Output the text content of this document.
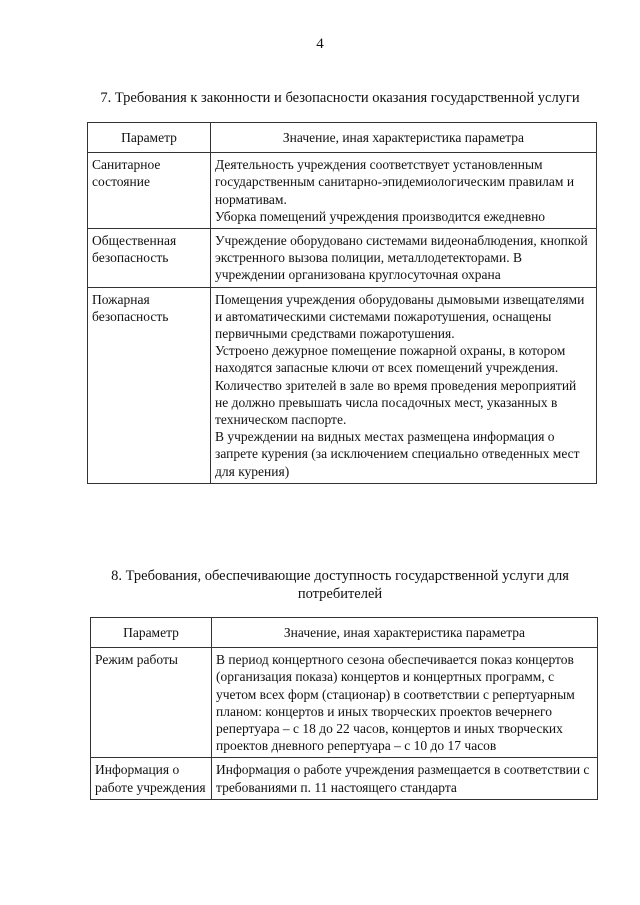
4
7. Требования к законности и безопасности оказания государственной услуги
Параметр	Значение, иная характеристика параметра

Санитарное состояние	Деятельность учреждения соответствует установленным государственным санитарно-эпидемиологическим правилам и нормативам.
Уборка помещений учреждения производится ежедневно

Общественная безопасность	Учреждение оборудовано системами видеонаблюдения, кнопкой экстренного вызова полиции, металлодетекторами. В учреждении организована круглосуточная охрана

Пожарная безопасность	Помещения учреждения оборудованы дымовыми извещателями и автоматическими системами пожаротушения, оснащены первичными средствами пожаротушения.
Устроено дежурное помещение пожарной охраны, в котором находятся запасные ключи от всех помещений учреждения.
Количество зрителей в зале во время проведения мероприятий не должно превышать числа посадочных мест, указанных в техническом паспорте.
В учреждении на видных местах размещена информация о запрете курения (за исключением специально отведенных мест для курения)
8. Требования, обеспечивающие доступность государственной услуги для потребителей
Параметр	Значение, иная характеристика параметра

Режим работы	В период концертного сезона обеспечивается показ концертов (организация показа) концертов и концертных программ, с учетом всех форм (стационар) в соответствии с репертуарным планом: концертов и иных творческих проектов вечернего репертуара – с 18 до 22 часов, концертов и иных творческих проектов дневного репертуара – с 10 до 17 часов

Информация о работе учреждения	Информация о работе учреждения размещается в соответствии с требованиями п. 11 настоящего стандарта
